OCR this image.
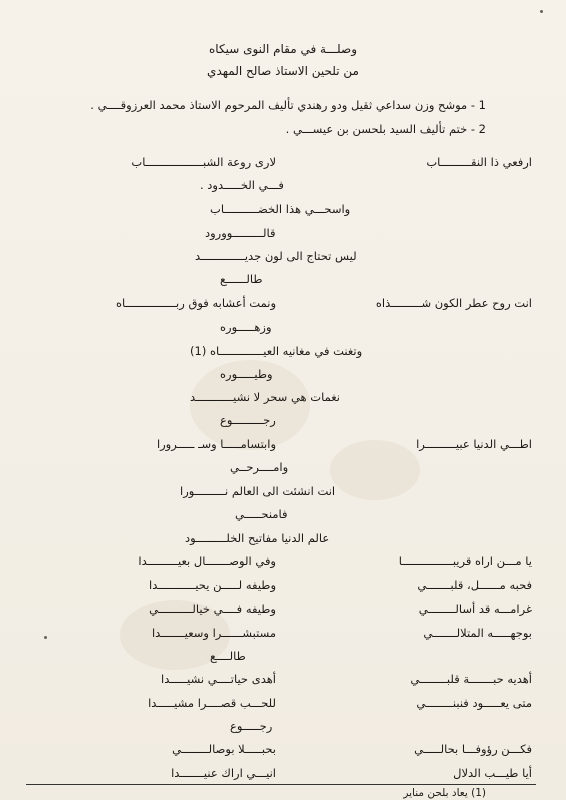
وصلـــة في مقام النوى سيكاه
من تلحين الاستاذ صالح المهدي
1 - موشح وزن سداعي ثقيل ودو رهندي تأليف المرحوم الاستاذ محمد العرزوقــــي .
2 - ختم تأليف السيد بلحسن بن عيســـي .
ارفعي ذا النقـــــــــاب
لارى روعة الشبـــــــــــــــــاب
فـــي الخـــــدود .
واسحـــي هذا الخضــــــــــاب
قالـــــــــوورود
ليس تحتاج الى لون جديـــــــــــــد
طالــــــع
انت روح عطر الكون شـــــــــذاه
ونمت أعشابه فوق ربـــــــــــــــاه
وزهـــــوره
وتغنت في مغانيه العيـــــــــــــاه (1)
وطيـــــوره
نغمات هي سحر لا نشيـــــــــــد
رجـــــــــوع
اطـــي الدنيا عبيـــــــــرا
وابتسامـــــا وسـ ـــــرورا
وامــــرحــي
انت انشئت الى العالم نـــــــــورا
فامنحـــــي
عالم الدنيا مفاتيح الخلـــــــــود
يا مـــن اراه قريبـــــــــــــــا
وفي الوصـــــــال بعيـــــــــدا
فحبه مــــــل، قلبـــــــي
وطيفه لـــــن يحيـــــــــــدا
غرامـــه قد أسالــــــــي
وطيفه فــــي خيالــــــــــي
بوجهـــــه المتلالـــــــي
مستبشــــــرا وسعيـــــــدا
طالــــع
أهديه حبـــــــة قلبــــــــي
أهدى حياتــــي نشيـــــدا
متى يعـــــود فنبنــــــــي
للحـــب قصــــرا مشيـــــدا
رجـــــوع
فكـــن رؤوفـــا بحالـــــي
بحبـــــلا بوصالــــــــي
أيا طيـــب الدلال
انيـــي اراك عنيـــــــدا
(1) يعاد بلحن مناير
